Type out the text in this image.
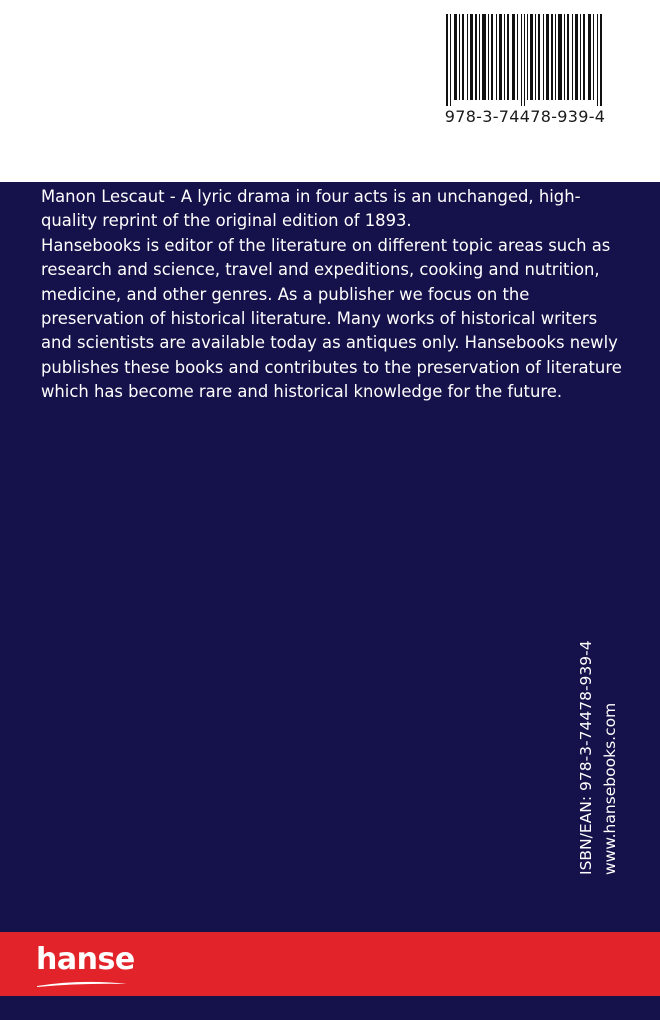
978-3-74478-939-4

Manon Lescaut - A lyric drama in four acts is an unchanged, high-quality reprint of the original edition of 1893.

Hansebooks is editor of the literature on different topic areas such as research and science, travel and expeditions, cooking and nutrition, medicine, and other genres. As a publisher we focus on the preservation of historical literature. Many works of historical writers and scientists are available today as antiques only. Hansebooks newly publishes these books and contributes to the preservation of literature which has become rare and historical knowledge for the future.

ISBN/EAN: 978-3-74478-939-4 www.hansebooks.com
hanse
